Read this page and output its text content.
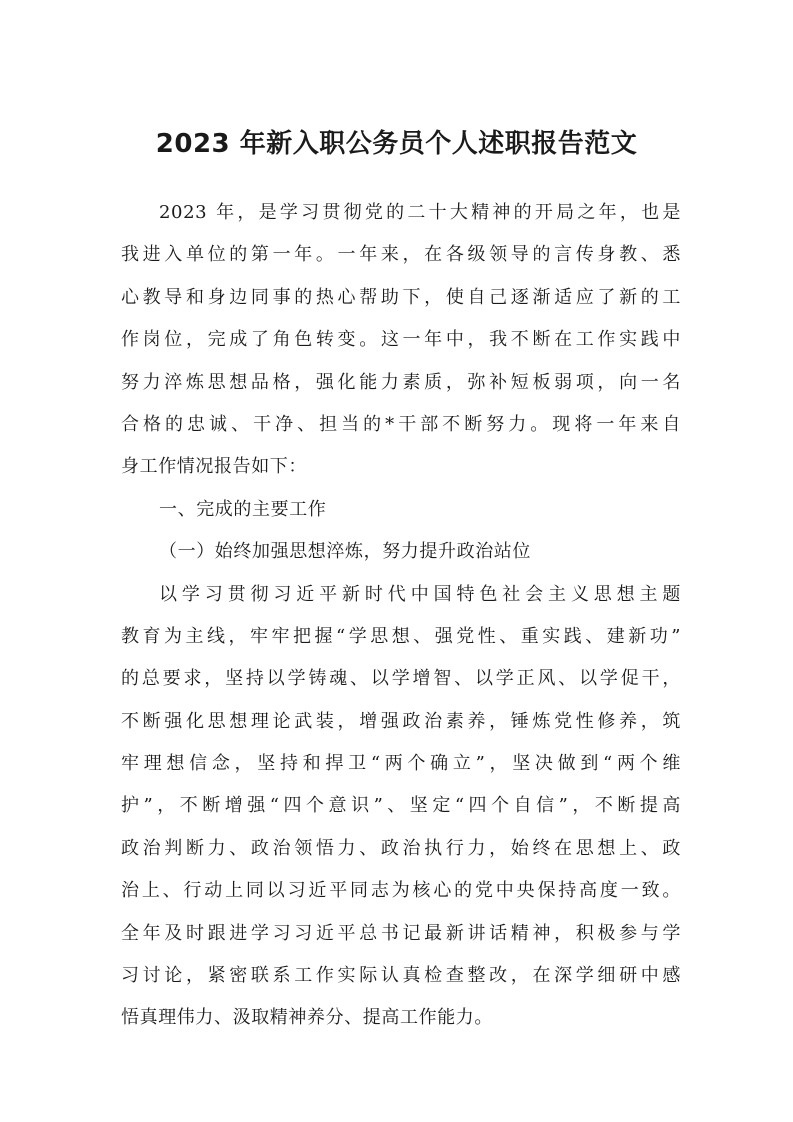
2023 年新入职公务员个人述职报告范文
2023 年，是学习贯彻党的二十大精神的开局之年，也是
我进入单位的第一年。一年来，在各级领导的言传身教、悉
心教导和身边同事的热心帮助下，使自己逐渐适应了新的工
作岗位，完成了角色转变。这一年中，我不断在工作实践中
努力淬炼思想品格，强化能力素质，弥补短板弱项，向一名
合格的忠诚、干净、担当的*干部不断努力。现将一年来自
身工作情况报告如下：
一、完成的主要工作
（一）始终加强思想淬炼，努力提升政治站位
以学习贯彻习近平新时代中国特色社会主义思想主题
教育为主线，牢牢把握“学思想、强党性、重实践、建新功”
的总要求，坚持以学铸魂、以学增智、以学正风、以学促干，
不断强化思想理论武装，增强政治素养，锤炼党性修养，筑
牢理想信念，坚持和捍卫“两个确立”，坚决做到“两个维
护”，不断增强“四个意识”、坚定“四个自信”，不断提高
政治判断力、政治领悟力、政治执行力，始终在思想上、政
治上、行动上同以习近平同志为核心的党中央保持高度一致。
全年及时跟进学习习近平总书记最新讲话精神，积极参与学
习讨论，紧密联系工作实际认真检查整改，在深学细研中感
悟真理伟力、汲取精神养分、提高工作能力。
